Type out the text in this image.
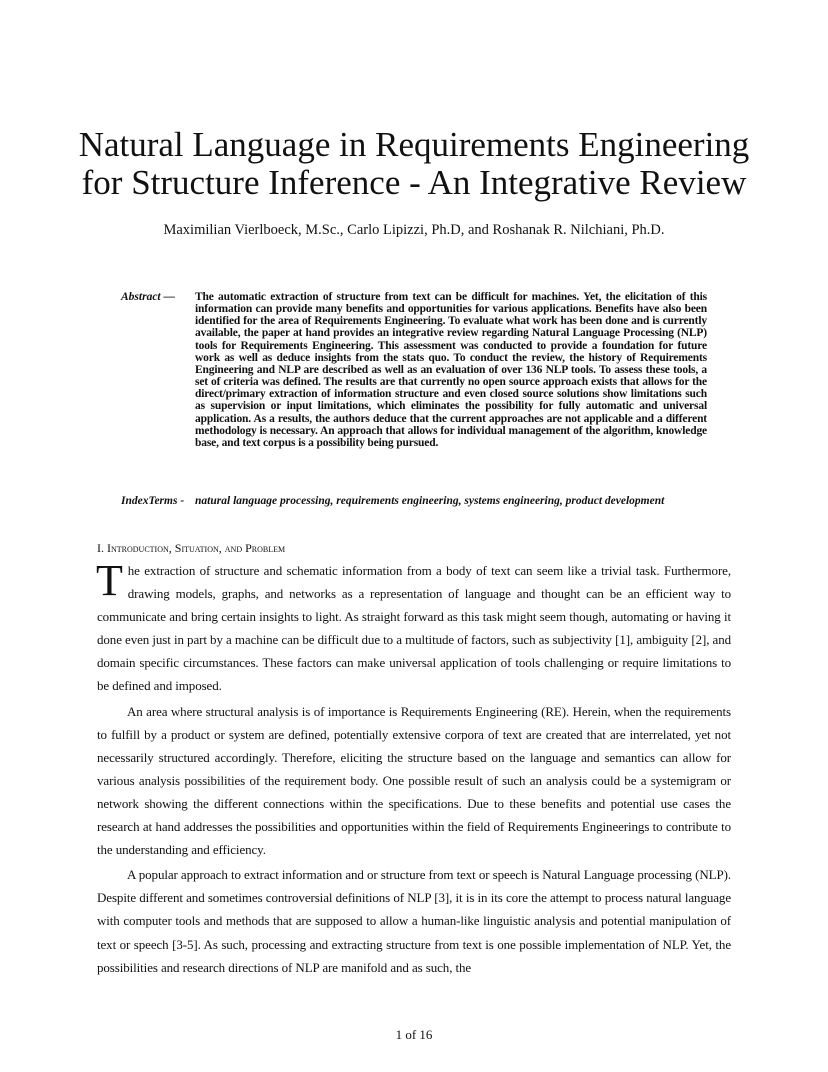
Natural Language in Requirements Engineering
for Structure Inference - An Integrative Review
Maximilian Vierlboeck, M.Sc., Carlo Lipizzi, Ph.D, and Roshanak R. Nilchiani, Ph.D.
Abstract — The automatic extraction of structure from text can be difficult for machines. Yet, the elicitation of this information can provide many benefits and opportunities for various applications. Benefits have also been identified for the area of Requirements Engineering. To evaluate what work has been done and is currently available, the paper at hand provides an integrative review regarding Natural Language Processing (NLP) tools for Requirements Engineering. This assessment was conducted to provide a foundation for future work as well as deduce insights from the stats quo. To conduct the review, the history of Requirements Engineering and NLP are described as well as an evaluation of over 136 NLP tools. To assess these tools, a set of criteria was defined. The results are that currently no open source approach exists that allows for the direct/primary extraction of information structure and even closed source solutions show limitations such as supervision or input limitations, which eliminates the possibility for fully automatic and universal application. As a results, the authors deduce that the current approaches are not applicable and a different methodology is necessary. An approach that allows for individual management of the algorithm, knowledge base, and text corpus is a possibility being pursued.
IndexTerms - natural language processing, requirements engineering, systems engineering, product development
I. Introduction, Situation, and Problem

The extraction of structure and schematic information from a body of text can seem like a trivial task. Furthermore, drawing models, graphs, and networks as a representation of language and thought can be an efficient way to communicate and bring certain insights to light. As straight forward as this task might seem though, automating or having it done even just in part by a machine can be difficult due to a multitude of factors, such as subjectivity [1], ambiguity [2], and domain specific circumstances. These factors can make universal application of tools challenging or require limitations to be defined and imposed.

An area where structural analysis is of importance is Requirements Engineering (RE). Herein, when the requirements to fulfill by a product or system are defined, potentially extensive corpora of text are created that are interrelated, yet not necessarily structured accordingly. Therefore, eliciting the structure based on the language and semantics can allow for various analysis possibilities of the requirement body. One possible result of such an analysis could be a systemigram or network showing the different connections within the specifications. Due to these benefits and potential use cases the research at hand addresses the possibilities and opportunities within the field of Requirements Engineerings to contribute to the understanding and efficiency.

A popular approach to extract information and or structure from text or speech is Natural Language processing (NLP). Despite different and sometimes controversial definitions of NLP [3], it is in its core the attempt to process natural language with computer tools and methods that are supposed to allow a human-like linguistic analysis and potential manipulation of text or speech [3-5]. As such, processing and extracting structure from text is one possible implementation of NLP. Yet, the possibilities and research directions of NLP are manifold and as such, the

1 of 16
